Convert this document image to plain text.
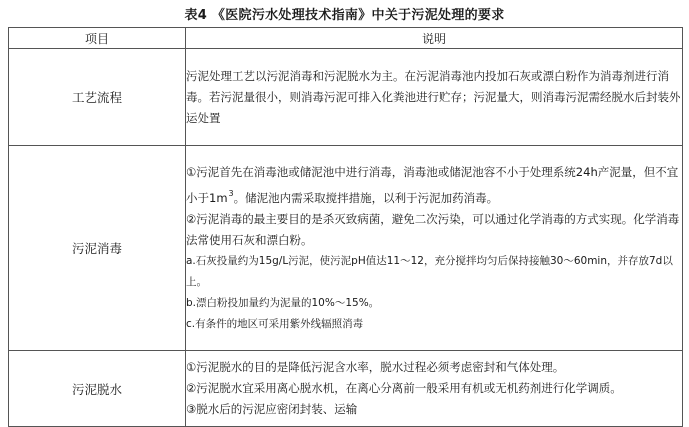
表4 《医院污水处理技术指南》中关于污泥处理的要求
项目	说明
工艺流程	污泥处理工艺以污泥消毒和污泥脱水为主。在污泥消毒池内投加石灰或漂白粉作为消毒剂进行消毒。若污泥量很小，则消毒污泥可排入化粪池进行贮存；污泥量大，则消毒污泥需经脱水后封装外运处置

污泥消毒	①污泥首先在消毒池或储泥池中进行消毒，消毒池或储泥池容不小于处理系统24h产泥量，但不宜小于$1m^3$。储泥池内需采取搅拌措施，以利于污泥加药消毒。

②污泥消毒的最主要目的是杀灭致病菌，避免二次污染，可以通过化学消毒的方式实现。化学消毒法常使用石灰和漂白粉。

a.石灰投量约为15g/L污泥，使污泥pH值达11～12，充分搅拌均匀后保持接触30～60min，并存放7d以上。

b.漂白粉投加量约为泥量的10%～15%。

c.有条件的地区可采用紫外线辐照消毒

污泥脱水	①污泥脱水的目的是降低污泥含水率，脱水过程必须考虑密封和气体处理。

②污泥脱水宜采用离心脱水机，在离心分离前一般采用有机或无机药剂进行化学调质。

③脱水后的污泥应密闭封装、运输
